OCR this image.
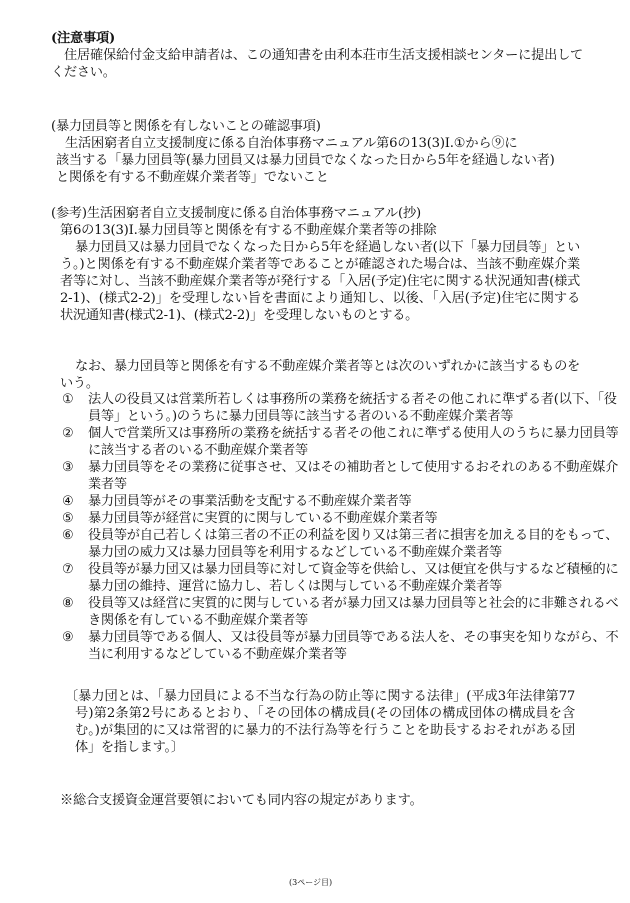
(注意事項)
住居確保給付金支給申請者は、この通知書を由利本荘市生活支援相談センターに提出してください。
(暴力団員等と関係を有しないことの確認事項)
生活困窮者自立支援制度に係る自治体事務マニュアル第6の13(3)Ⅰ.①から⑨に
該当する「暴力団員等(暴力団員又は暴力団員でなくなった日から5年を経過しない者)
と関係を有する不動産媒介業者等」でないこと
(参考)生活困窮者自立支援制度に係る自治体事務マニュアル(抄)
第6の13(3)Ⅰ.暴力団員等と関係を有する不動産媒介業者等の排除
暴力団員又は暴力団員でなくなった日から5年を経過しない者(以下「暴力団員等」という。)と関係を有する不動産媒介業者等であることが確認された場合は、当該不動産媒介業者等に対し、当該不動産媒介業者等が発行する「入居(予定)住宅に関する状況通知書(様式2-1)、(様式2-2)」を受理しない旨を書面により通知し、以後、「入居(予定)住宅に関する状況通知書(様式2-1)、(様式2-2)」を受理しないものとする。
なお、暴力団員等と関係を有する不動産媒介業者等とは次のいずれかに該当するものをいう。
① 法人の役員又は営業所若しくは事務所の業務を統括する者その他これに準ずる者(以下、「役員等」という。)のうちに暴力団員等に該当する者のいる不動産媒介業者等
② 個人で営業所又は事務所の業務を統括する者その他これに準ずる使用人のうちに暴力団員等に該当する者のいる不動産媒介業者等
③ 暴力団員等をその業務に従事させ、又はその補助者として使用するおそれのある不動産媒介業者等
④ 暴力団員等がその事業活動を支配する不動産媒介業者等
⑤ 暴力団員等が経営に実質的に関与している不動産媒介業者等
⑥ 役員等が自己若しくは第三者の不正の利益を図り又は第三者に損害を加える目的をもって、暴力団の威力又は暴力団員等を利用するなどしている不動産媒介業者等
⑦ 役員等が暴力団又は暴力団員等に対して資金等を供給し、又は便宜を供与するなど積極的に暴力団の維持、運営に協力し、若しくは関与している不動産媒介業者等
⑧ 役員等又は経営に実質的に関与している者が暴力団又は暴力団員等と社会的に非難されるべき関係を有している不動産媒介業者等
⑨ 暴力団員等である個人、又は役員等が暴力団員等である法人を、その事実を知りながら、不当に利用するなどしている不動産媒介業者等
〔暴力団とは、「暴力団員による不当な行為の防止等に関する法律」(平成3年法律第77号)第2条第2号にあるとおり、「その団体の構成員(その団体の構成団体の構成員を含む。)が集団的に又は常習的に暴力的不法行為等を行うことを助長するおそれがある団体」を指します。〕
※総合支援資金運営要領においても同内容の規定があります。
(3ページ目)
